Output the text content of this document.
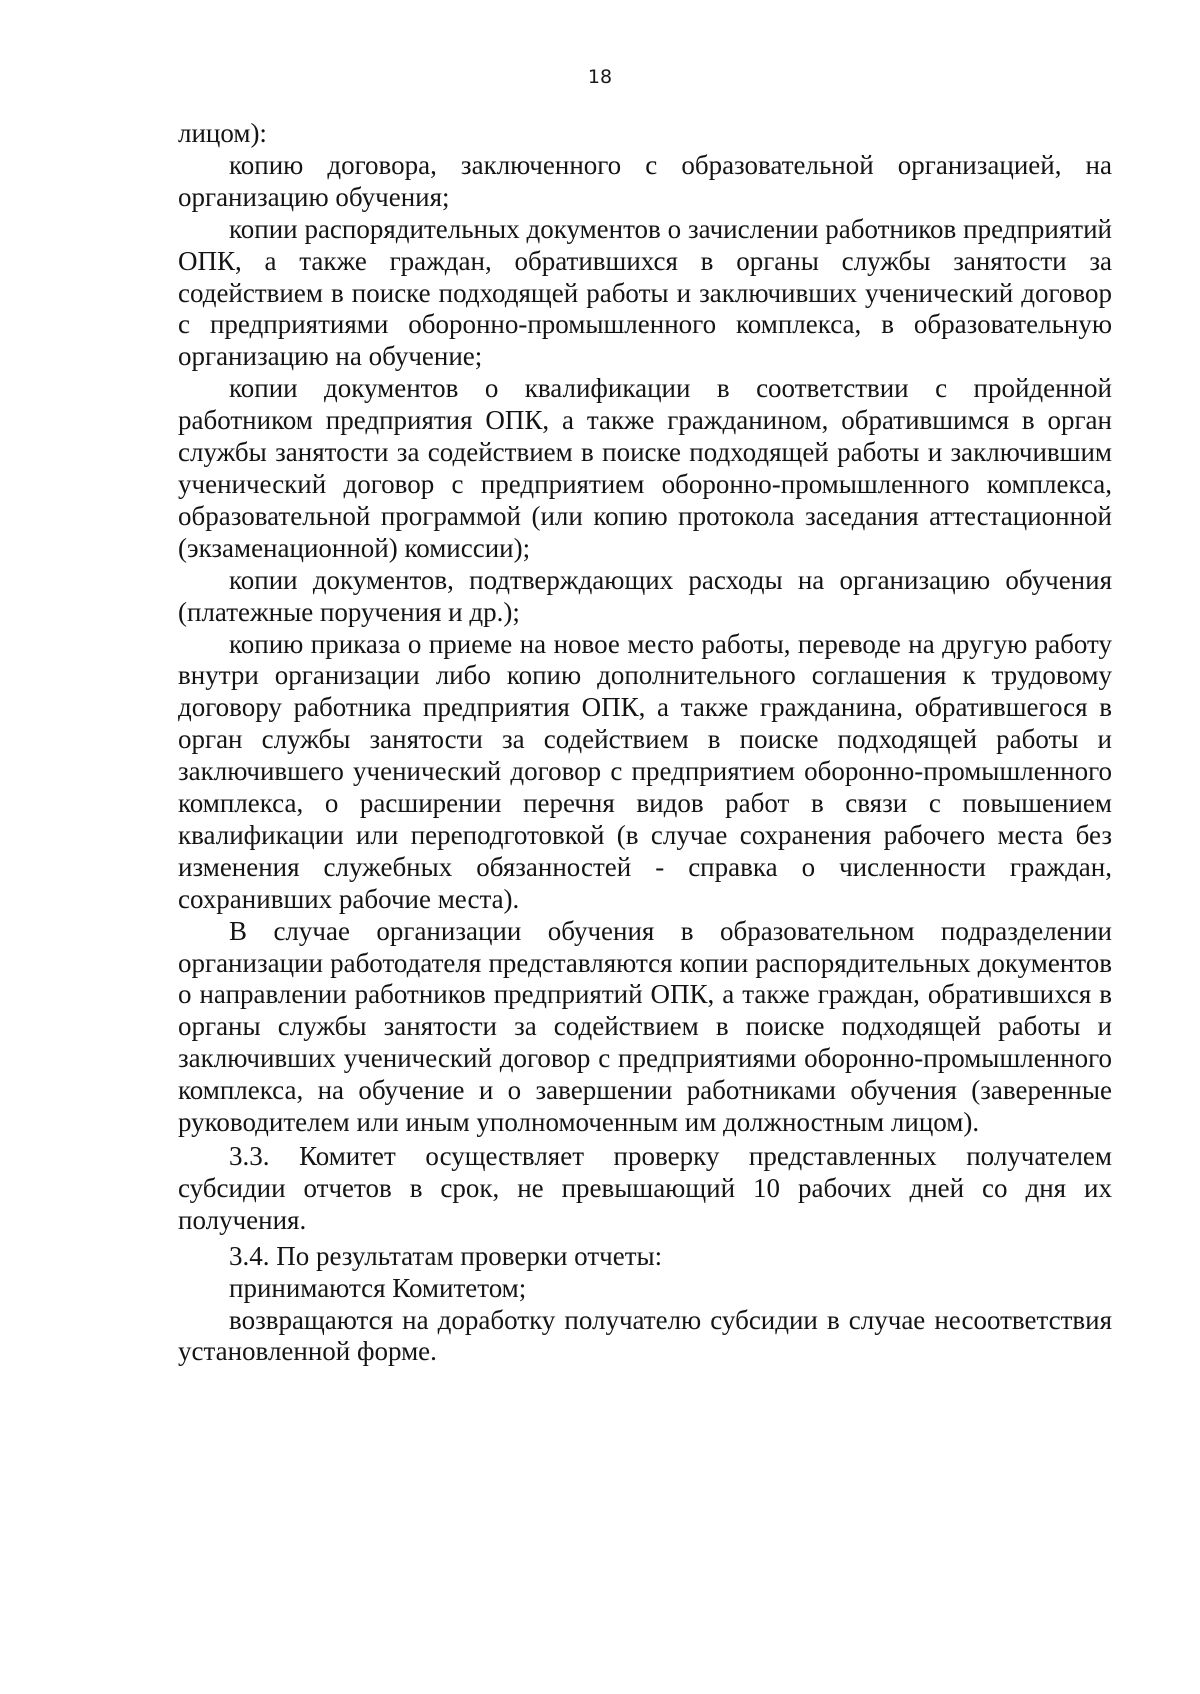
18

лицом):

копию договора, заключенного с образовательной организацией, на организацию обучения;

копии распорядительных документов о зачислении работников предприятий ОПК, а также граждан, обратившихся в органы службы занятости за содействием в поиске подходящей работы и заключивших ученический договор с предприятиями оборонно-промышленного комплекса, в образовательную организацию на обучение;

копии документов о квалификации в соответствии с пройденной работником предприятия ОПК, а также гражданином, обратившимся в орган службы занятости за содействием в поиске подходящей работы и заключившим ученический договор с предприятием оборонно-промышленного комплекса, образовательной программой (или копию протокола заседания аттестационной (экзаменационной) комиссии);

копии документов, подтверждающих расходы на организацию обучения (платежные поручения и др.);

копию приказа о приеме на новое место работы, переводе на другую работу внутри организации либо копию дополнительного соглашения к трудовому договору работника предприятия ОПК, а также гражданина, обратившегося в орган службы занятости за содействием в поиске подходящей работы и заключившего ученический договор с предприятием оборонно-промышленного комплекса, о расширении перечня видов работ в связи с повышением квалификации или переподготовкой (в случае сохранения рабочего места без изменения служебных обязанностей - справка о численности граждан, сохранивших рабочие места).

В случае организации обучения в образовательном подразделении организации работодателя представляются копии распорядительных документов о направлении работников предприятий ОПК, а также граждан, обратившихся в органы службы занятости за содействием в поиске подходящей работы и заключивших ученический договор с предприятиями оборонно-промышленного комплекса, на обучение и о завершении работниками обучения (заверенные руководителем или иным уполномоченным им должностным лицом).

3.3. Комитет осуществляет проверку представленных получателем субсидии отчетов в срок, не превышающий 10 рабочих дней со дня их получения.

3.4. По результатам проверки отчеты:

принимаются Комитетом;

возвращаются на доработку получателю субсидии в случае несоответствия установленной форме.
